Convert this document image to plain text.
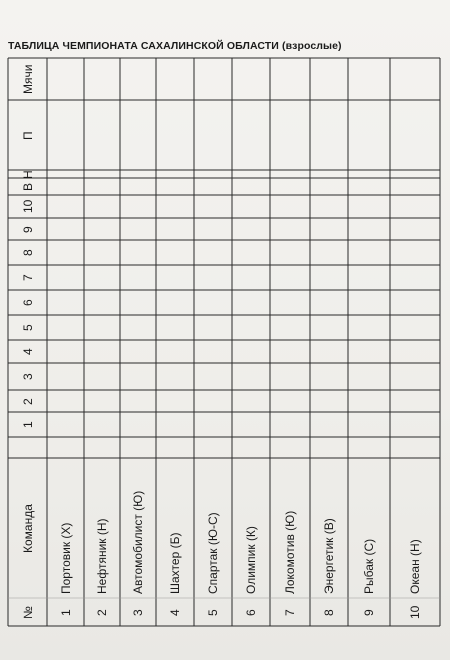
ТАБЛИЦА ЧЕМПИОНАТА САХАЛИНСКОЙ ОБЛАСТИ (взрослые)
№
Команда
1
2
3
4
5
6
7
8
9
10
В
Н
П
Мячи
1
Портовик (Х)
2
Нефтяник (Н)
3
Автомобилист (Ю)
4
Шахтер (Б)
5
Спартак (Ю-С)
6
Олимпик (К)
7
Локомотив (Ю)
8
Энергетик (В)
9
Рыбак (С)
10
Океан (Н)
